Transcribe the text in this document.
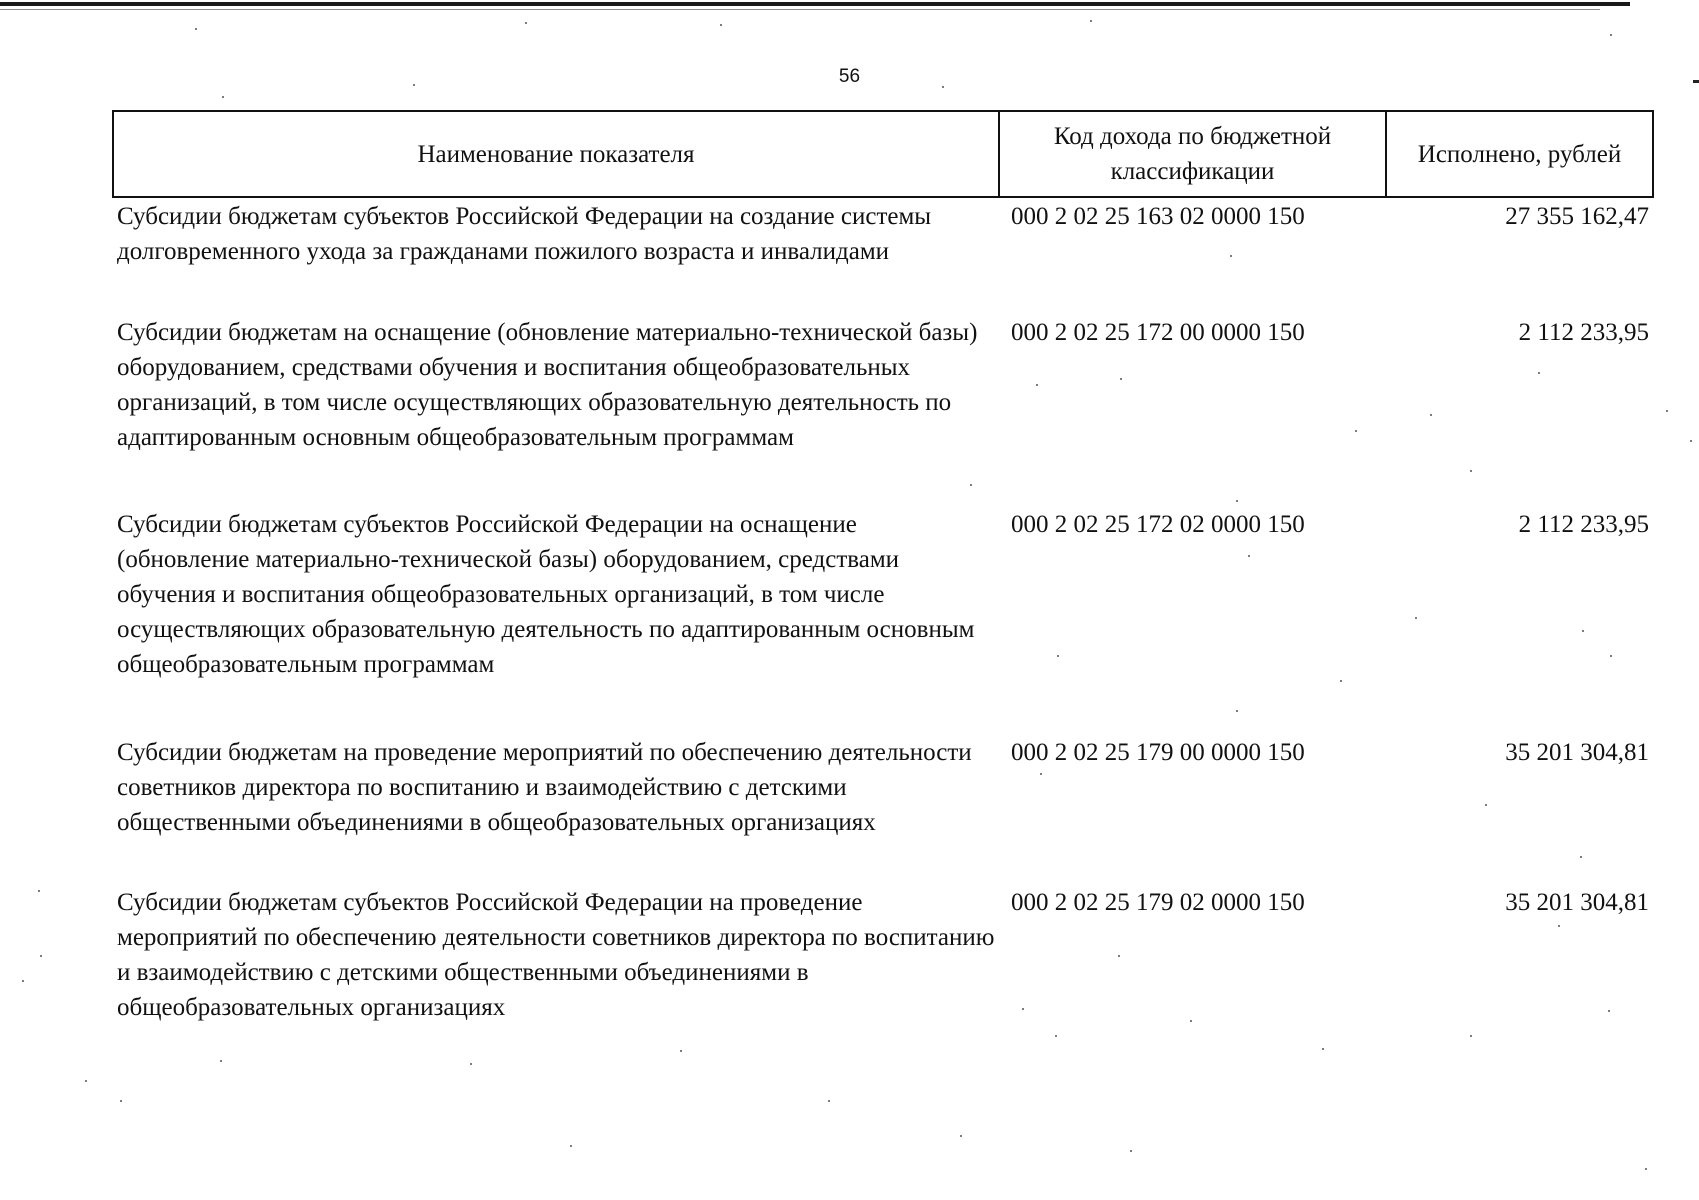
56
Наименование показателя	Код дохода по бюджетной классификации	Исполнено, рублей
Субсидии бюджетам субъектов Российской Федерации на создание системы долговременного ухода за гражданами пожилого возраста и инвалидами	000 2 02 25 163 02 0000 150	27 355 162,47
Субсидии бюджетам на оснащение (обновление материально-технической базы) оборудованием, средствами обучения и воспитания общеобразовательных организаций, в том числе осуществляющих образовательную деятельность по адаптированным основным общеобразовательным программам	000 2 02 25 172 00 0000 150	2 112 233,95
Субсидии бюджетам субъектов Российской Федерации на оснащение (обновление материально-технической базы) оборудованием, средствами обучения и воспитания общеобразовательных организаций, в том числе осуществляющих образовательную деятельность по адаптированным основным общеобразовательным программам	000 2 02 25 172 02 0000 150	2 112 233,95
Субсидии бюджетам на проведение мероприятий по обеспечению деятельности советников директора по воспитанию и взаимодействию с детскими общественными объединениями в общеобразовательных организациях	000 2 02 25 179 00 0000 150	35 201 304,81
Субсидии бюджетам субъектов Российской Федерации на проведение мероприятий по обеспечению деятельности советников директора по воспитанию и взаимодействию с детскими общественными объединениями в общеобразовательных организациях	000 2 02 25 179 02 0000 150	35 201 304,81
